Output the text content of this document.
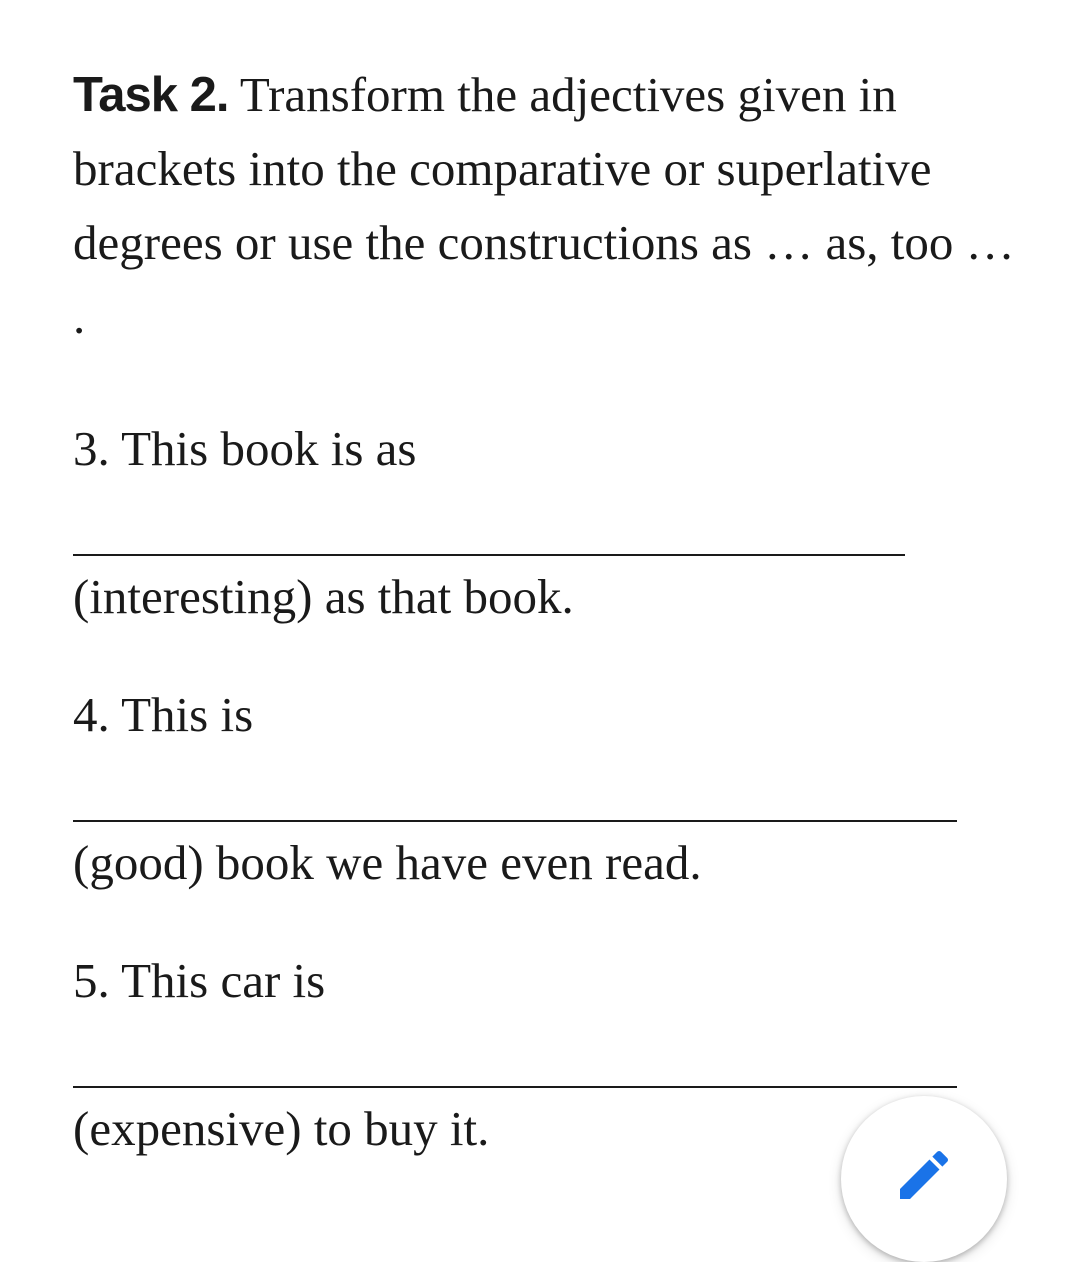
Task 2. Transform the adjectives given in brackets into the comparative or superlative degrees or use the constructions as … as, too … .

3. This book is as
(interesting) as that book.
4. This is
(good) book we have even read.
5. This car is
(expensive) to buy it.
